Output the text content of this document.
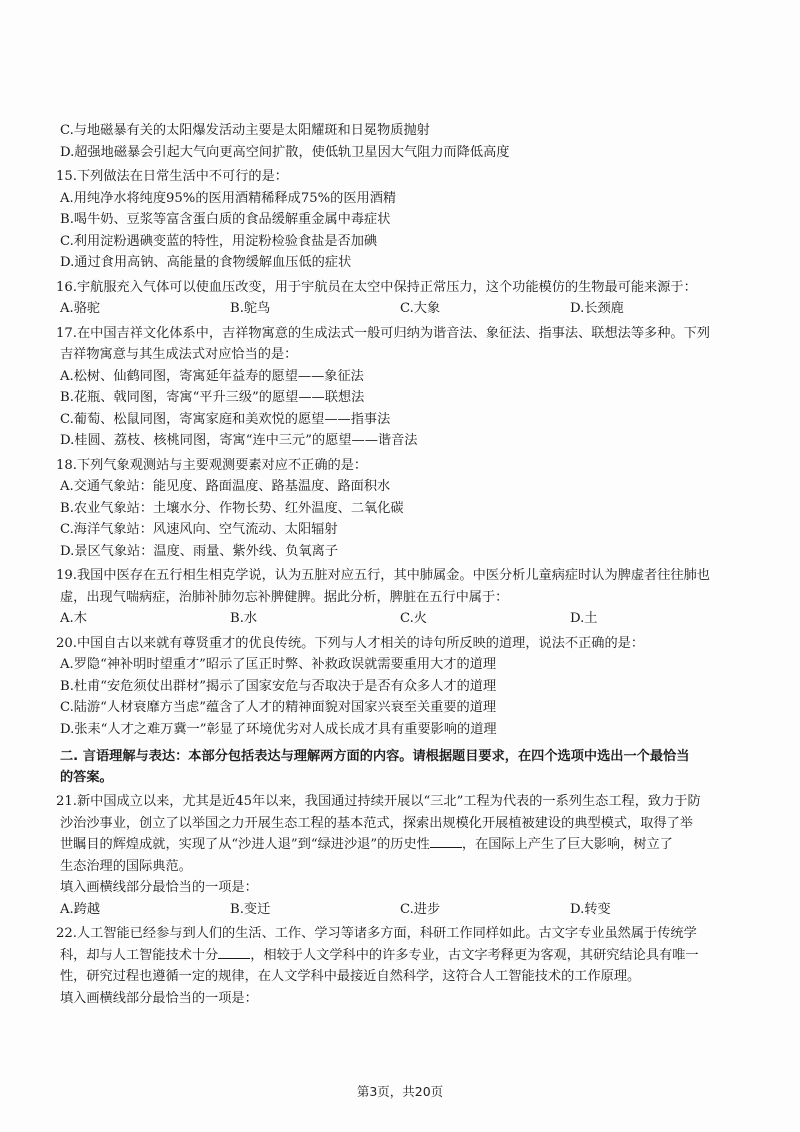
C.与地磁暴有关的太阳爆发活动主要是太阳耀斑和日冕物质抛射
D.超强地磁暴会引起大气向更高空间扩散，使低轨卫星因大气阻力而降低高度
15.下列做法在日常生活中不可行的是：
A.用纯净水将纯度95%的医用酒精稀释成75%的医用酒精
B.喝牛奶、豆浆等富含蛋白质的食品缓解重金属中毒症状
C.利用淀粉遇碘变蓝的特性，用淀粉检验食盐是否加碘
D.通过食用高钠、高能量的食物缓解血压低的症状
16.宇航服充入气体可以使血压改变，用于宇航员在太空中保持正常压力，这个功能模仿的生物最可能来源于：
A.骆驼	B.鸵鸟	C.大象	D.长颈鹿
17.在中国吉祥文化体系中，吉祥物寓意的生成法式一般可归纳为谐音法、象征法、指事法、联想法等多种。下列
吉祥物寓意与其生成法式对应恰当的是：
A.松树、仙鹤同图，寄寓延年益寿的愿望——象征法
B.花瓶、戟同图，寄寓“平升三级”的愿望——联想法
C.葡萄、松鼠同图，寄寓家庭和美欢悦的愿望——指事法
D.桂圆、荔枝、核桃同图，寄寓“连中三元”的愿望——谐音法
18.下列气象观测站与主要观测要素对应不正确的是：
A.交通气象站：能见度、路面温度、路基温度、路面积水
B.农业气象站：土壤水分、作物长势、红外温度、二氧化碳
C.海洋气象站：风速风向、空气流动、太阳辐射
D.景区气象站：温度、雨量、紫外线、负氧离子
19.我国中医存在五行相生相克学说，认为五脏对应五行，其中肺属金。中医分析儿童病症时认为脾虚者往往肺也
虚，出现气喘病症，治肺补肺勿忘补脾健脾。据此分析，脾脏在五行中属于：
A.木	B.水	C.火	D.土
20.中国自古以来就有尊贤重才的优良传统。下列与人才相关的诗句所反映的道理，说法不正确的是：
A.罗隐“神补明时望重才”昭示了匡正时弊、补救政误就需要重用大才的道理
B.杜甫“安危须仗出群材”揭示了国家安危与否取决于是否有众多人才的道理
C.陆游“人材衰靡方当虑”蕴含了人才的精神面貌对国家兴衰至关重要的道理
D.张耒“人才之难万冀一”彰显了环境优劣对人成长成才具有重要影响的道理
二. 言语理解与表达：本部分包括表达与理解两方面的内容。请根据题目要求，在四个选项中选出一个最恰当
的答案。
21.新中国成立以来，尤其是近45年以来，我国通过持续开展以“三北”工程为代表的一系列生态工程，致力于防
沙治沙事业，创立了以举国之力开展生态工程的基本范式，探索出规模化开展植被建设的典型模式，取得了举
世瞩目的辉煌成就，实现了从“沙进人退”到“绿进沙退”的历史性 ，在国际上产生了巨大影响，树立了
生态治理的国际典范。
填入画横线部分最恰当的一项是：
A.跨越	B.变迁	C.进步	D.转变
22.人工智能已经参与到人们的生活、工作、学习等诸多方面，科研工作同样如此。古文字专业虽然属于传统学
科，却与人工智能技术十分 ，相较于人文学科中的许多专业，古文字考释更为客观，其研究结论具有唯一
性，研究过程也遵循一定的规律，在人文学科中最接近自然科学，这符合人工智能技术的工作原理。
填入画横线部分最恰当的一项是：
第3页，共20页
